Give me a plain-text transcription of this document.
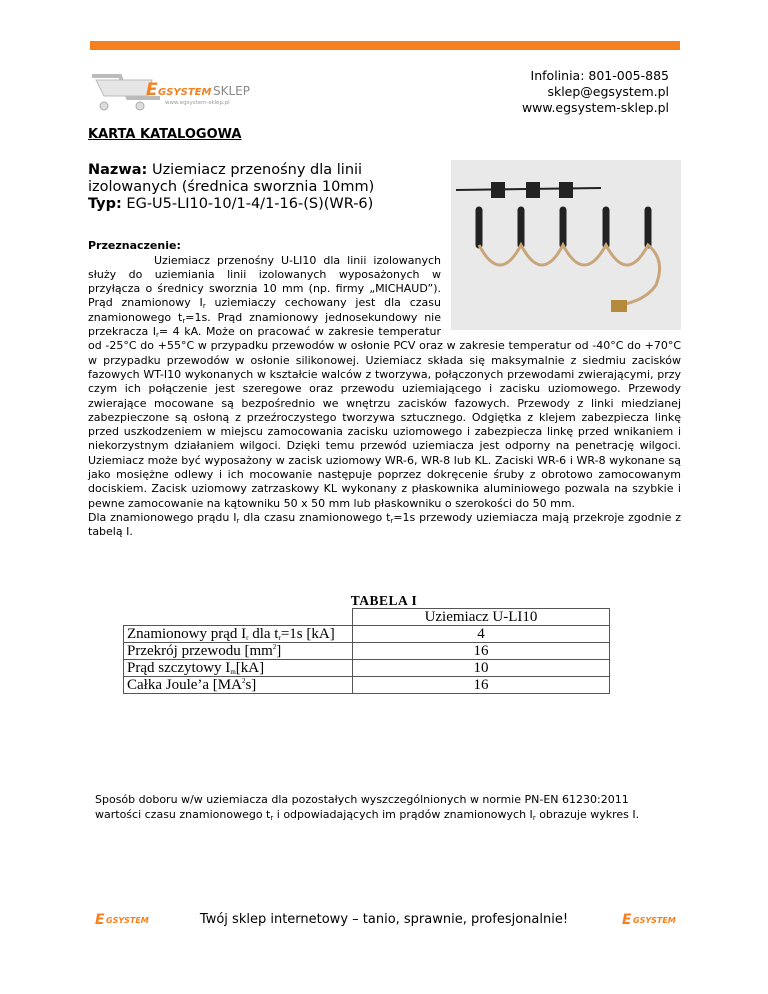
E GSYSTEM SKLEP
www.egsystem-sklep.pl
Infolinia: 801-005-885
sklep@egsystem.pl
www.egsystem-sklep.pl
KARTA KATALOGOWA
Nazwa: Uziemiacz przenośny dla linii izolowanych (średnica sworznia 10mm)
Typ: EG-U5-LI10-10/1-4/1-16-(S)(WR-6)
Przeznaczenie:
Uziemiacz przenośny U-LI10 dla linii izolowanych służy do uziemiania linii izolowanych wyposażonych w przyłącza o średnicy sworznia 10 mm (np. firmy „MICHAUD”). Prąd znamionowy $I_r$ uziemiaczy cechowany jest dla czasu znamionowego $t_r=1s$. Prąd znamionowy jednosekundowy nie przekracza $I_r= 4$ kA. Może on pracować w zakresie temperatur od -25°C do +55°C w przypadku przewodów w osłonie PCV oraz w zakresie temperatur od -40°C do +70°C w przypadku przewodów w osłonie silikonowej. Uziemiacz składa się maksymalnie z siedmiu zacisków fazowych WT-I10 wykonanych w kształcie walców z tworzywa, połączonych przewodami zwierającymi, przy czym ich połączenie jest szeregowe oraz przewodu uziemiającego i zacisku uziomowego. Przewody zwierające mocowane są bezpośrednio we wnętrzu zacisków fazowych. Przewody z linki miedzianej zabezpieczone są osłoną z przeźroczystego tworzywa sztucznego. Odgiętka z klejem zabezpiecza linkę przed uszkodzeniem w miejscu zamocowania zacisku uziomowego i zabezpiecza linkę przed wnikaniem i niekorzystnym działaniem wilgoci. Dzięki temu przewód uziemiacza jest odporny na penetrację wilgoci. Uziemiacz może być wyposażony w zacisk uziomowy WR-6, WR-8 lub KL. Zaciski WR-6 i WR-8 wykonane są jako mosiężne odlewy i ich mocowanie następuje poprzez dokręcenie śruby z obrotowo zamocowanym dociskiem. Zacisk uziomowy zatrzaskowy KL wykonany z płaskownika aluminiowego pozwala na szybkie i pewne zamocowanie na kątowniku 50 x 50 mm lub płaskowniku o szerokości do 50 mm.
Dla znamionowego prądu $I_r$ dla czasu znamionowego $t_r=1s$ przewody uziemiacza mają przekroje zgodnie z tabelą I.
TABELA I
	Uziemiacz U-LI10
Znamionowy prąd $I_r$ dla $t_r=1s$ [kA]	4
Przekrój przewodu $[mm^2]$	16
Prąd szczytowy $I_m[kA]$	10
Całka Joule’a $[MA^2s]$	16
Sposób doboru w/w uziemiacza dla pozostałych wyszczególnionych w normie PN-EN 61230:2011 wartości czasu znamionowego $t_r$ i odpowiadających im prądów znamionowych $I_r$ obrazuje wykres I.
E GSYSTEM	Twój sklep internetowy – tanio, sprawnie, profesjonalnie!	E GSYSTEM
